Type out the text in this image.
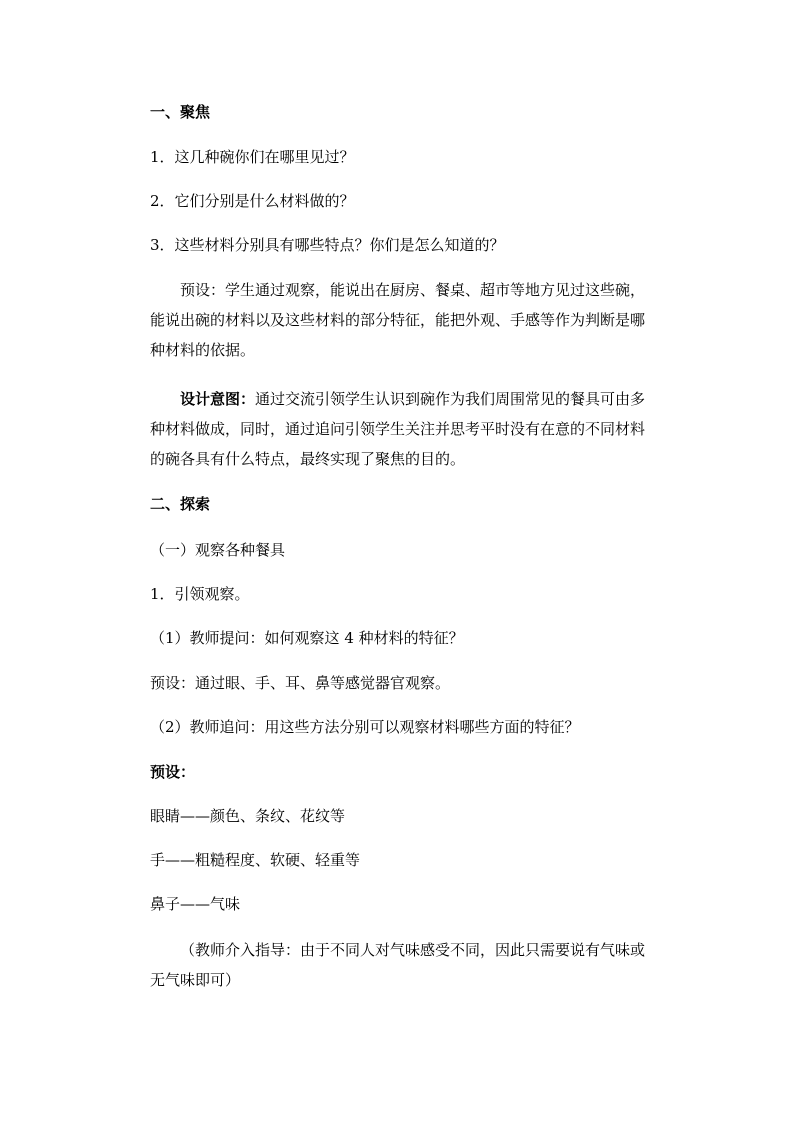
一、聚焦
1．这几种碗你们在哪里见过？
2．它们分别是什么材料做的？
3．这些材料分别具有哪些特点？你们是怎么知道的？
预设：学生通过观察，能说出在厨房、餐桌、超市等地方见过这些碗，能说出碗的材料以及这些材料的部分特征，能把外观、手感等作为判断是哪种材料的依据。
设计意图：通过交流引领学生认识到碗作为我们周围常见的餐具可由多种材料做成，同时，通过追问引领学生关注并思考平时没有在意的不同材料的碗各具有什么特点，最终实现了聚焦的目的。
二、探索
（一）观察各种餐具
1．引领观察。
（1）教师提问：如何观察这 4 种材料的特征？
预设：通过眼、手、耳、鼻等感觉器官观察。
（2）教师追问：用这些方法分别可以观察材料哪些方面的特征？
预设：
眼睛——颜色、条纹、花纹等
手——粗糙程度、软硬、轻重等
鼻子——气味
（教师介入指导：由于不同人对气味感受不同，因此只需要说有气味或无气味即可）
